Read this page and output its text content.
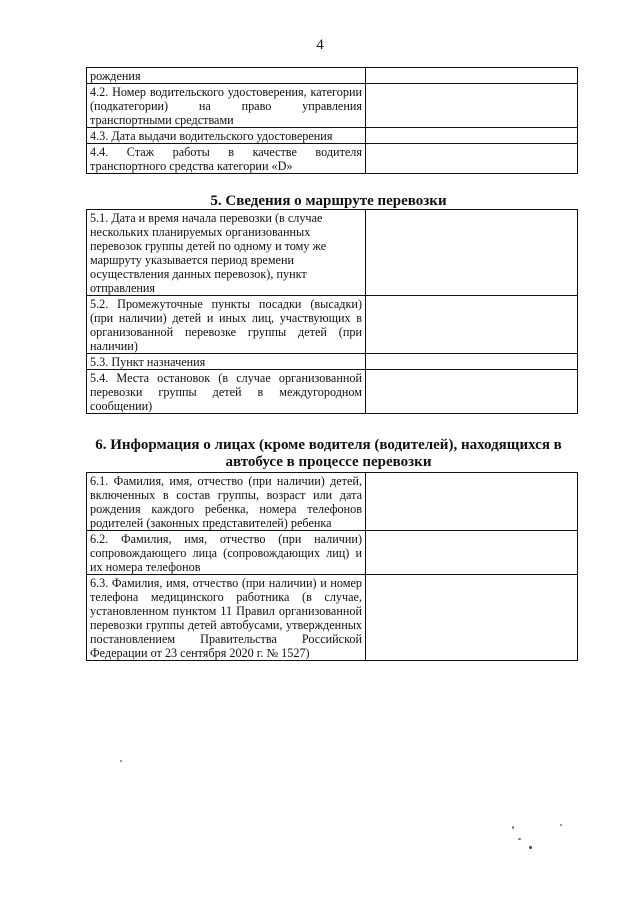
4
рождения	
4.2. Номер водительского удостоверения, категории (подкатегории) на право управления транспортными средствами	
4.3. Дата выдачи водительского удостоверения	
4.4. Стаж работы в качестве водителя транспортного средства категории «D»	
5. Сведения о маршруте перевозки
5.1. Дата и время начала перевозки (в случае нескольких планируемых организованных перевозок группы детей по одному и тому же маршруту указывается период времени осуществления данных перевозок), пункт отправления	
5.2. Промежуточные пункты посадки (высадки) (при наличии) детей и иных лиц, участвующих в организованной перевозке группы детей (при наличии)	
5.3. Пункт назначения	
5.4. Места остановок (в случае организованной перевозки группы детей в междугородном сообщении)	
6. Информация о лицах (кроме водителя (водителей), находящихся в автобусе в процессе перевозки
6.1. Фамилия, имя, отчество (при наличии) детей, включенных в состав группы, возраст или дата рождения каждого ребенка, номера телефонов родителей (законных представителей) ребенка	
6.2. Фамилия, имя, отчество (при наличии) сопровождающего лица (сопровождающих лиц) и их номера телефонов	
6.3. Фамилия, имя, отчество (при наличии) и номер телефона медицинского работника (в случае, установленном пунктом 11 Правил организованной перевозки группы детей автобусами, утвержденных постановлением Правительства Российской Федерации от 23 сентября 2020 г. № 1527)	
